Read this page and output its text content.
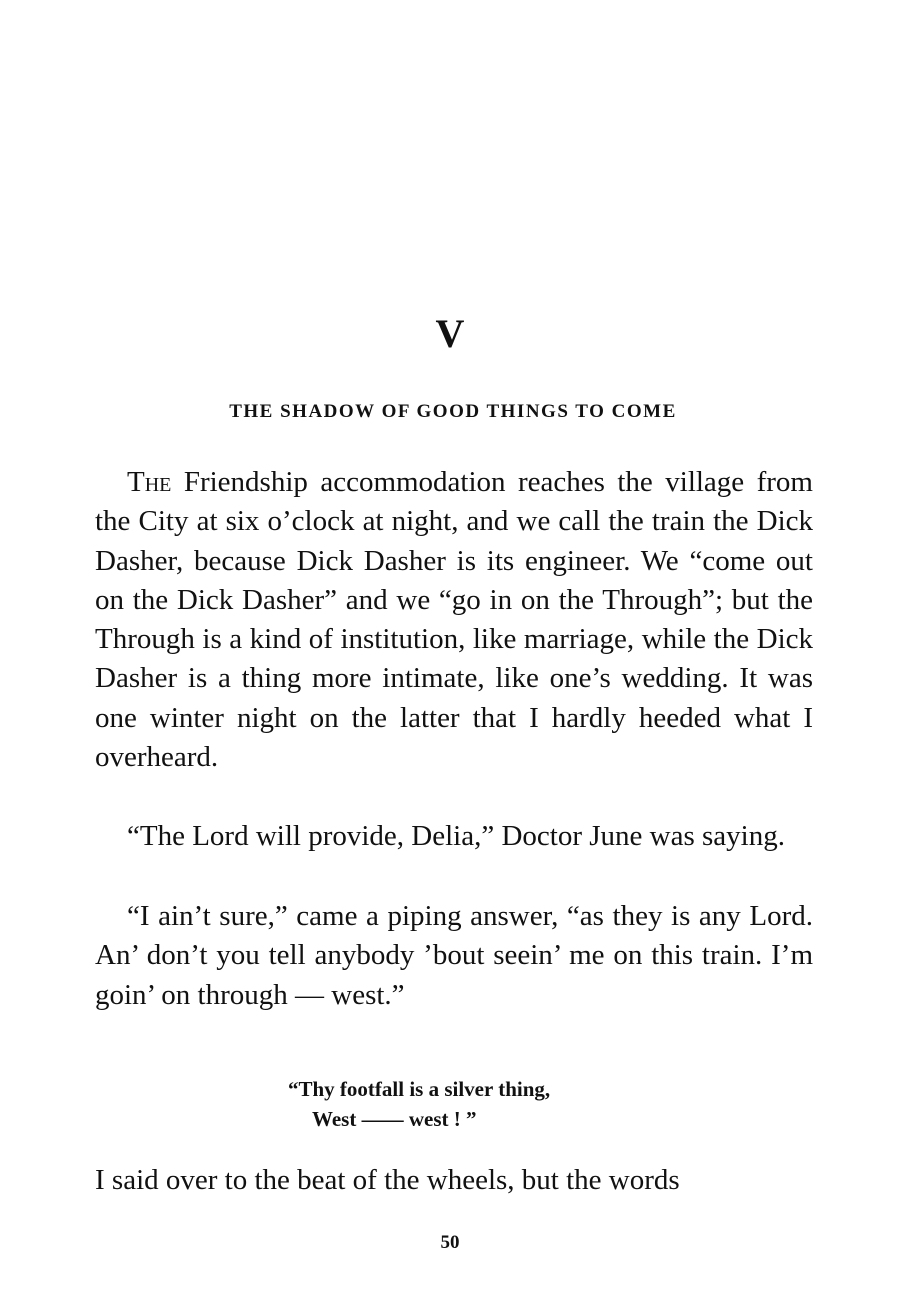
V
THE SHADOW OF GOOD THINGS TO COME

The Friendship accommodation reaches the village from the City at six o’clock at night, and we call the train the Dick Dasher, because Dick Dasher is its engineer. We “come out on the Dick Dasher” and we “go in on the Through”; but the Through is a kind of institution, like marriage, while the Dick Dasher is a thing more intimate, like one’s wedding. It was one winter night on the latter that I hardly heeded what I overheard.

“The Lord will provide, Delia,” Doctor June was saying.

“I ain’t sure,” came a piping answer, “as they is any Lord. An’ don’t you tell anybody ’bout seein’ me on this train. I’m goin’ on through — west.”

“Thy footfall is a silver thing,
West —— west ! ”

I said over to the beat of the wheels, but the words

50
